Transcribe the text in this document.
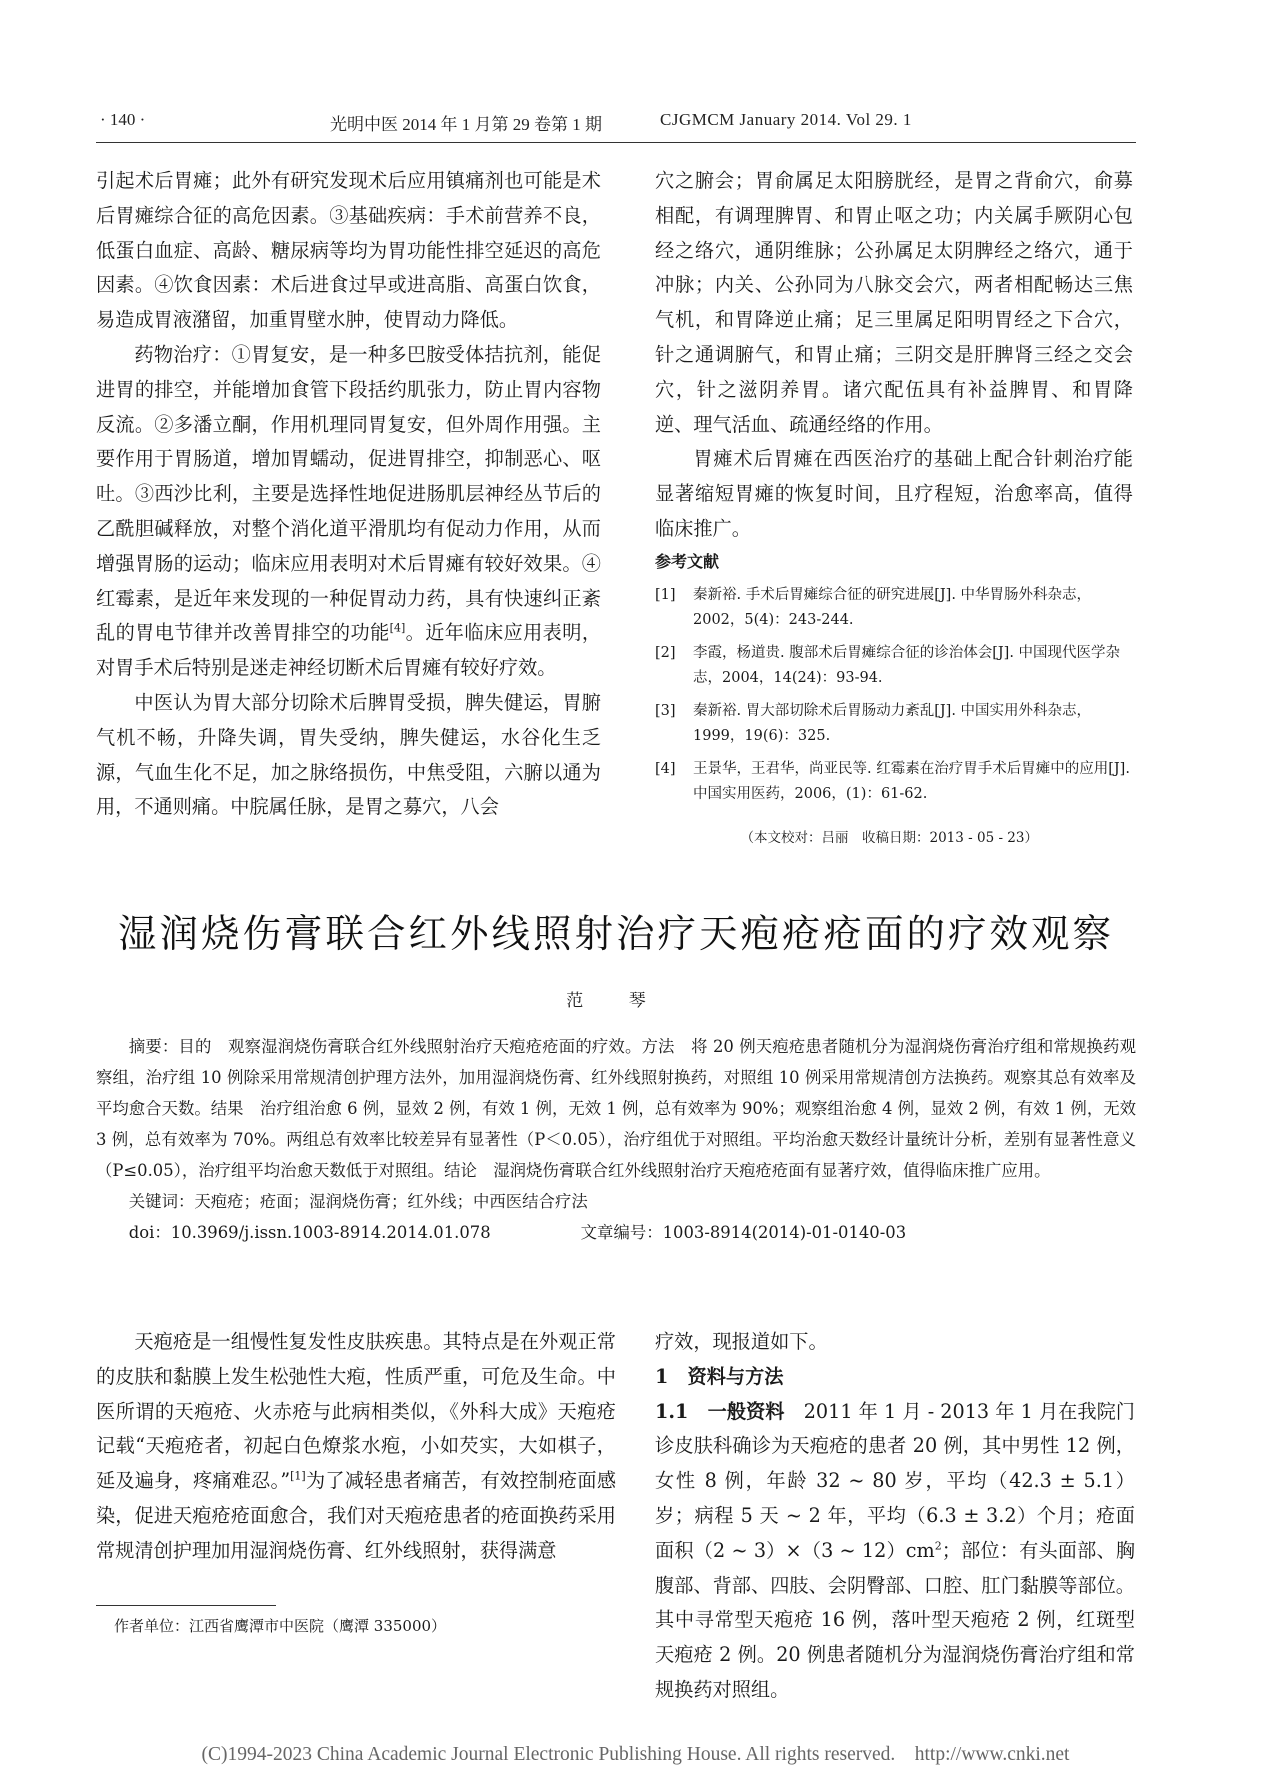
· 140 ·	光明中医 2014 年 1 月第 29 卷第 1 期	CJGMCM January 2014. Vol 29. 1

引起术后胃瘫；此外有研究发现术后应用镇痛剂也可能是术后胃瘫综合征的高危因素。③基础疾病：手术前营养不良，低蛋白血症、高龄、糖尿病等均为胃功能性排空延迟的高危因素。④饮食因素：术后进食过早或进高脂、高蛋白饮食，易造成胃液潴留，加重胃壁水肿，使胃动力降低。

药物治疗：①胃复安，是一种多巴胺受体拮抗剂，能促进胃的排空，并能增加食管下段括约肌张力，防止胃内容物反流。②多潘立酮，作用机理同胃复安，但外周作用强。主要作用于胃肠道，增加胃蠕动，促进胃排空，抑制恶心、呕吐。③西沙比利，主要是选择性地促进肠肌层神经丛节后的乙酰胆碱释放，对整个消化道平滑肌均有促动力作用，从而增强胃肠的运动；临床应用表明对术后胃瘫有较好效果。④红霉素，是近年来发现的一种促胃动力药，具有快速纠正紊乱的胃电节律并改善胃排空的功能[4]。近年临床应用表明，对胃手术后特别是迷走神经切断术后胃瘫有较好疗效。

中医认为胃大部分切除术后脾胃受损，脾失健运，胃腑气机不畅，升降失调，胃失受纳，脾失健运，水谷化生乏源，气血生化不足，加之脉络损伤，中焦受阻，六腑以通为用，不通则痛。中脘属任脉，是胃之募穴，八会

穴之腑会；胃俞属足太阳膀胱经，是胃之背俞穴，俞募相配，有调理脾胃、和胃止呕之功；内关属手厥阴心包经之络穴，通阴维脉；公孙属足太阴脾经之络穴，通于冲脉；内关、公孙同为八脉交会穴，两者相配畅达三焦气机，和胃降逆止痛；足三里属足阳明胃经之下合穴，针之通调腑气，和胃止痛；三阴交是肝脾肾三经之交会穴，针之滋阴养胃。诸穴配伍具有补益脾胃、和胃降逆、理气活血、疏通经络的作用。

胃瘫术后胃瘫在西医治疗的基础上配合针刺治疗能显著缩短胃瘫的恢复时间，且疗程短，治愈率高，值得临床推广。

参考文献
[1] 秦新裕. 手术后胃瘫综合征的研究进展[J]. 中华胃肠外科杂志，2002，5(4)：243-244.
[2] 李霞，杨道贵. 腹部术后胃瘫综合征的诊治体会[J]. 中国现代医学杂志，2004，14(24)：93-94.
[3] 秦新裕. 胃大部切除术后胃肠动力紊乱[J]. 中国实用外科杂志，1999，19(6)：325.
[4] 王景华，王君华，尚亚民等. 红霉素在治疗胃手术后胃瘫中的应用[J]. 中国实用医药，2006，(1)：61-62.
（本文校对：吕丽　收稿日期：2013 - 05 - 23）
湿润烧伤膏联合红外线照射治疗天疱疮疮面的疗效观察
范 琴

摘要：目的　观察湿润烧伤膏联合红外线照射治疗天疱疮疮面的疗效。方法　将 20 例天疱疮患者随机分为湿润烧伤膏治疗组和常规换药观察组，治疗组 10 例除采用常规清创护理方法外，加用湿润烧伤膏、红外线照射换药，对照组 10 例采用常规清创方法换药。观察其总有效率及平均愈合天数。结果　治疗组治愈 6 例，显效 2 例，有效 1 例，无效 1 例，总有效率为 90%；观察组治愈 4 例，显效 2 例，有效 1 例，无效 3 例，总有效率为 70%。两组总有效率比较差异有显著性（P＜0.05），治疗组优于对照组。平均治愈天数经计量统计分析，差别有显著性意义（P≤0.05），治疗组平均治愈天数低于对照组。结论　湿润烧伤膏联合红外线照射治疗天疱疮疮面有显著疗效，值得临床推广应用。

关键词：天疱疮；疮面；湿润烧伤膏；红外线；中西医结合疗法

doi：10.3969/j.issn.1003-8914.2014.01.078	文章编号：1003-8914(2014)-01-0140-03

天疱疮是一组慢性复发性皮肤疾患。其特点是在外观正常的皮肤和黏膜上发生松弛性大疱，性质严重，可危及生命。中医所谓的天疱疮、火赤疮与此病相类似，《外科大成》天疱疮记载“天疱疮者，初起白色燎浆水疱，小如芡实，大如棋子，延及遍身，疼痛难忍。”[1]为了减轻患者痛苦，有效控制疮面感染，促进天疱疮疮面愈合，我们对天疱疮患者的疮面换药采用常规清创护理加用湿润烧伤膏、红外线照射，获得满意

疗效，现报道如下。

1　资料与方法

1.1　一般资料　2011 年 1 月 - 2013 年 1 月在我院门诊皮肤科确诊为天疱疮的患者 20 例，其中男性 12 例，女性 8 例，年龄 32 ~ 80 岁，平均（42.3 ± 5.1）岁；病程 5 天 ~ 2 年，平均（6.3 ± 3.2）个月；疮面面积（2 ~ 3）×（3 ~ $12)cm^2$；部位：有头面部、胸腹部、背部、四肢、会阴臀部、口腔、肛门黏膜等部位。其中寻常型天疱疮 16 例，落叶型天疱疮 2 例，红斑型天疱疮 2 例。20 例患者随机分为湿润烧伤膏治疗组和常规换药对照组。

作者单位：江西省鹰潭市中医院（鹰潭 335000）
(C)1994-2023 China Academic Journal Electronic Publishing House. All rights reserved.　http://www.cnki.net
